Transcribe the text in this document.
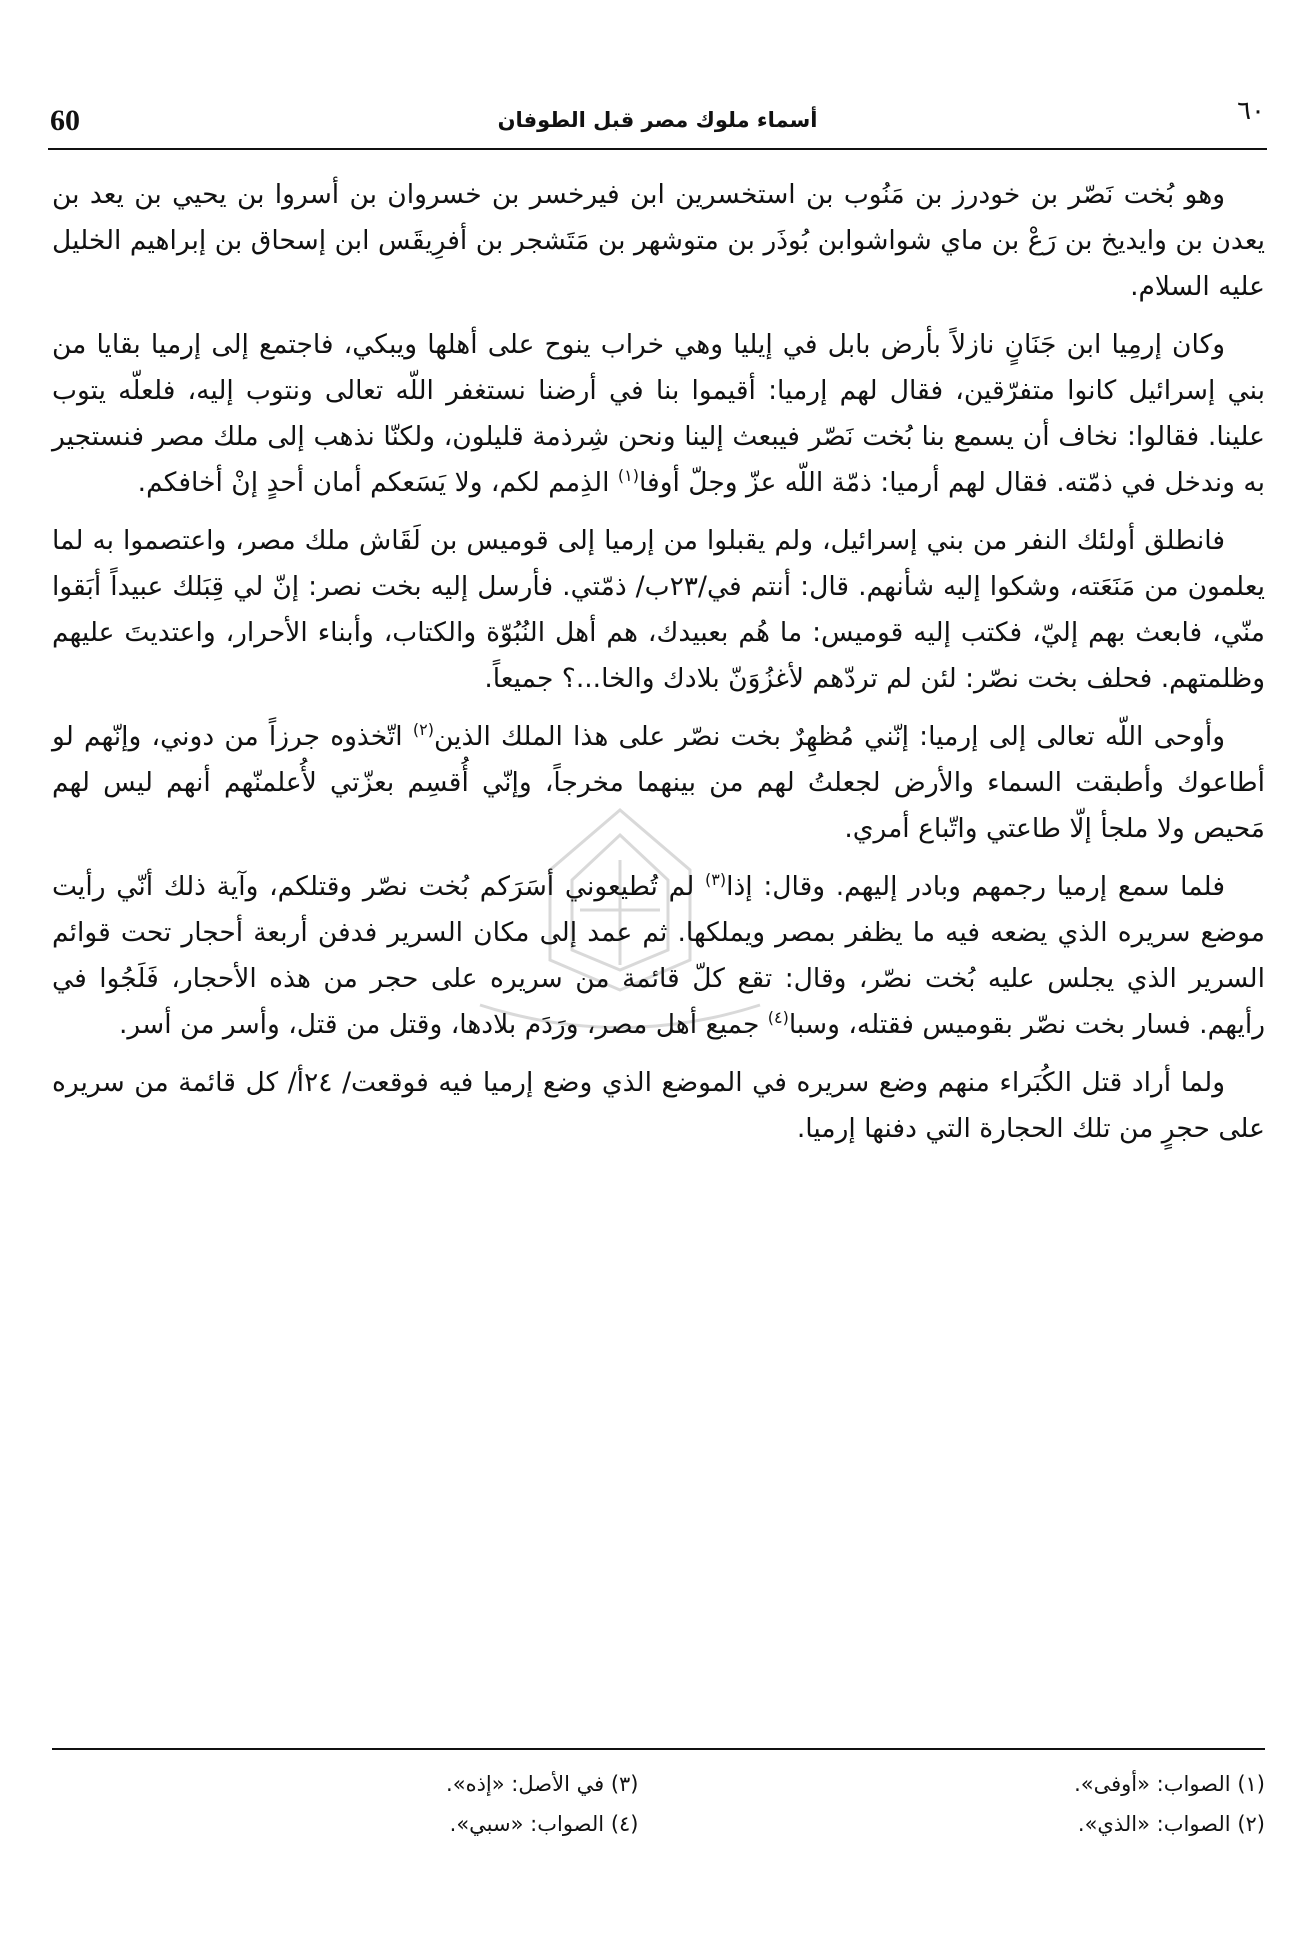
60	أسماء ملوك مصر قبل الطوفان	٦٠

وهو بُخت نَصّر بن خودرز بن مَنُوب بن استخسرين ابن فيرخسر بن خسروان بن أسروا بن يحيي بن يعد بن يعدن بن وايديخ بن رَعْ بن ماي شواشوابن بُوذَر بن متوشهر بن مَتَشجر بن أفرِيقَس ابن إسحاق بن إبراهيم الخليل عليه السلام.

وكان إرمِيا ابن جَنَانٍ نازلاً بأرض بابل في إيليا وهي خراب ينوح على أهلها ويبكي، فاجتمع إلى إرميا بقايا من بني إسرائيل كانوا متفرّقين، فقال لهم إرميا: أقيموا بنا في أرضنا نستغفر اللّه تعالى ونتوب إليه، فلعلّه يتوب علينا. فقالوا: نخاف أن يسمع بنا بُخت نَصّر فيبعث إلينا ونحن شِرذمة قليلون، ولكنّا نذهب إلى ملك مصر فنستجير به وندخل في ذمّته. فقال لهم أرميا: ذمّة اللّه عزّ وجلّ أوفا$^{(١)}$ الذِمم لكم، ولا يَسَعكم أمان أحدٍ إنْ أخافكم.

فانطلق أولئك النفر من بني إسرائيل، ولم يقبلوا من إرميا إلى قوميس بن لَقَاش ملك مصر، واعتصموا به لما يعلمون من مَنَعَته، وشكوا إليه شأنهم. قال: أنتم في/٢٣ب/ ذمّتي. فأرسل إليه بخت نصر: إنّ لي قِبَلك عبيداً أبَقوا منّي، فابعث بهم إليّ، فكتب إليه قوميس: ما هُم بعبيدك، هم أهل النُبُوّة والكتاب، وأبناء الأحرار، واعتديتَ عليهم وظلمتهم. فحلف بخت نصّر: لئن لم تردّهم لأغزُوَنّ بلادك والخا...؟ جميعاً.

وأوحى اللّه تعالى إلى إرميا: إنّني مُظهِرٌ بخت نصّر على هذا الملك الذين$^{(٢)}$ اتّخذوه جرزاً من دوني، وإنّهم لو أطاعوك وأطبقت السماء والأرض لجعلتُ لهم من بينهما مخرجاً، وإنّي أُقسِم بعزّتي لأُعلمنّهم أنهم ليس لهم مَحيص ولا ملجأ إلّا طاعتي واتّباع أمري.

فلما سمع إرميا رجمهم وبادر إليهم. وقال: إذا$^{(٣)}$ لم تُطيعوني أسَرَكم بُخت نصّر وقتلكم، وآية ذلك أنّي رأيت موضع سريره الذي يضعه فيه ما يظفر بمصر ويملكها. ثم عمد إلى مكان السرير فدفن أربعة أحجار تحت قوائم السرير الذي يجلس عليه بُخت نصّر، وقال: تقع كلّ قائمة من سريره على حجر من هذه الأحجار، فَلَجُوا في رأيهم. فسار بخت نصّر بقوميس فقتله، وسبا$^{(٤)}$ جميع أهل مصر، ورَدَم بلادها، وقتل من قتل، وأسر من أسر.

ولما أراد قتل الكُبَراء منهم وضع سريره في الموضع الذي وضع إرميا فيه فوقعت/ ٢٤أ/ كل قائمة من سريره على حجرٍ من تلك الحجارة التي دفنها إرميا.

(١) الصواب: «أوفى».
(٣) في الأصل: «إذه».
(٢) الصواب: «الذي».
(٤) الصواب: «سبي».
